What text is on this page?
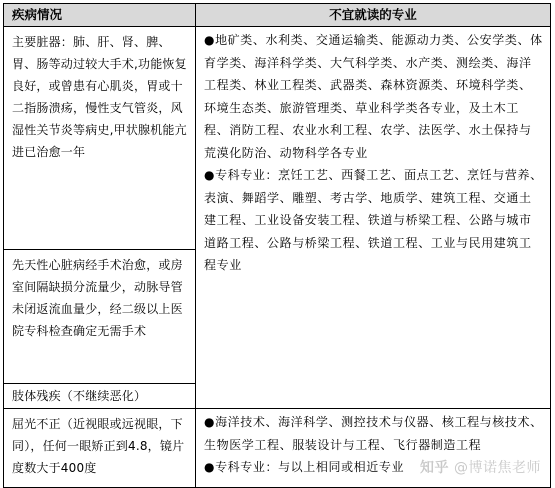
疾病情况	不宜就读的专业
主要脏器：肺、肝、肾、脾、胃、肠等动过较大手术,功能恢复良好，或曾患有心肌炎，胃或十二指肠溃疡，慢性支气管炎，风湿性关节炎等病史,甲状腺机能亢进已治愈一年	●地矿类、水利类、交通运输类、能源动力类、公安学类、体育学类、海洋科学类、大气科学类、水产类、测绘类、海洋工程类、林业工程类、武器类、森林资源类、环境科学类、环境生态类、旅游管理类、草业科学类各专业，及土木工程、消防工程、农业水利工程、农学、法医学、水土保持与荒漠化防治、动物科学各专业

●专科专业：烹饪工艺、西餐工艺、面点工艺、烹饪与营养、表演、舞蹈学、雕塑、考古学、地质学、建筑工程、交通土建工程、工业设备安装工程、铁道与桥梁工程、公路与城市道路工程、公路与桥梁工程、铁道工程、工业与民用建筑工程专业

先天性心脏病经手术治愈，或房室间隔缺损分流量少，动脉导管未闭返流血量少，经二级以上医院专科检查确定无需手术	
肢体残疾（不继续恶化）	
屈光不正（近视眼或远视眼，下同），任何一眼矫正到4.8，镜片度数大于400度	●海洋技术、海洋科学、测控技术与仪器、核工程与核技术、生物医学工程、服装设计与工程、飞行器制造工程

●专科专业：与以上相同或相近专业	知乎 @博诺焦老师
